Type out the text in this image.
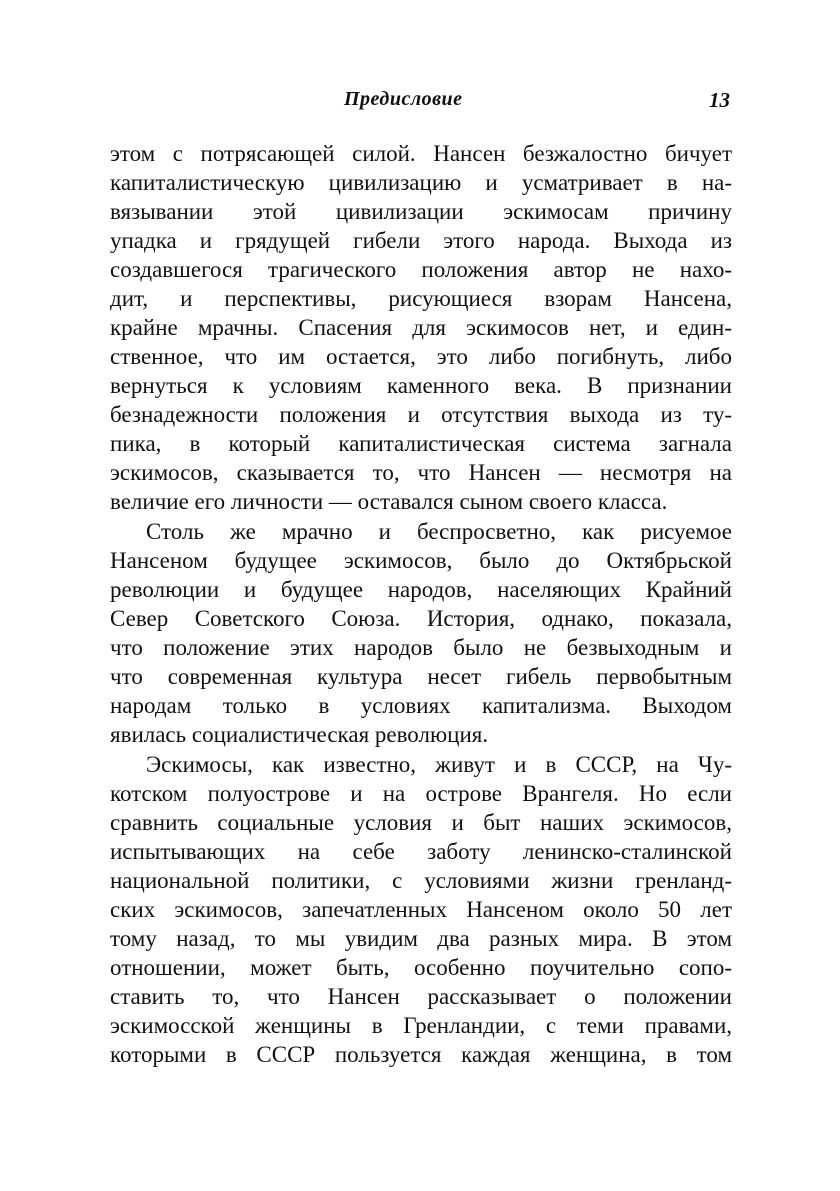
Предисловие	13
этом с потрясающей силой. Нансен безжалостно бичует
капиталистическую цивилизацию и усматривает в на-
вязывании этой цивилизации эскимосам причину
упадка и грядущей гибели этого народа. Выхода из
создавшегося трагического положения автор не нахо-
дит, и перспективы, рисующиеся взорам Нансена,
крайне мрачны. Спасения для эскимосов нет, и един-
ственное, что им остается, это либо погибнуть, либо
вернуться к условиям каменного века. В признании
безнадежности положения и отсутствия выхода из ту-
пика, в который капиталистическая система загнала
эскимосов, сказывается то, что Нансен — несмотря на
величие его личности — оставался сыном своего класса.
Столь же мрачно и беспросветно, как рисуемое
Нансеном будущее эскимосов, было до Октябрьской
революции и будущее народов, населяющих Крайний
Север Советского Союза. История, однако, показала,
что положение этих народов было не безвыходным и
что современная культура несет гибель первобытным
народам только в условиях капитализма. Выходом
явилась социалистическая революция.
Эскимосы, как известно, живут и в СССР, на Чу-
котском полуострове и на острове Врангеля. Но если
сравнить социальные условия и быт наших эскимосов,
испытывающих на себе заботу ленинско-сталинской
национальной политики, с условиями жизни гренланд-
ских эскимосов, запечатленных Нансеном около 50 лет
тому назад, то мы увидим два разных мира. В этом
отношении, может быть, особенно поучительно сопо-
ставить то, что Нансен рассказывает о положении
эскимосской женщины в Гренландии, с теми правами,
которыми в СССР пользуется каждая женщина, в том
